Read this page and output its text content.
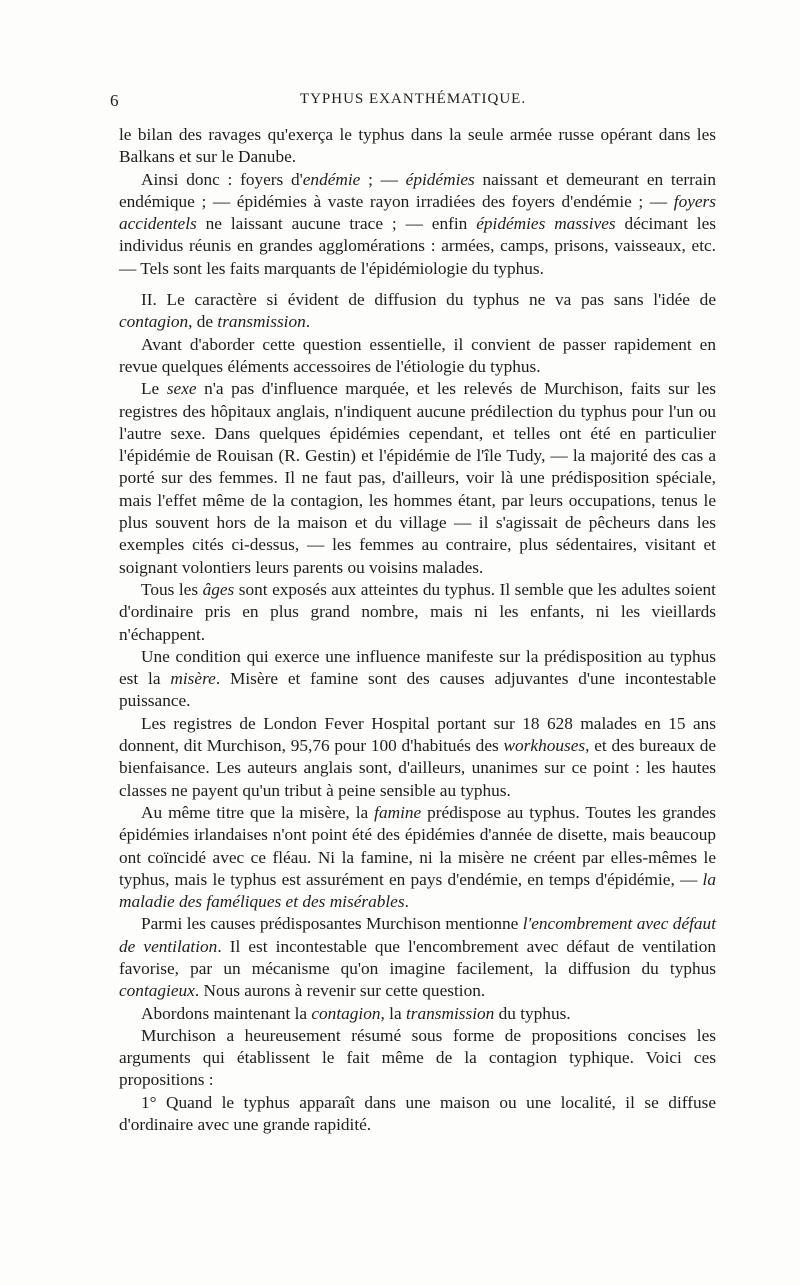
6	TYPHUS EXANTHÉMATIQUE.

le bilan des ravages qu'exerça le typhus dans la seule armée russe opérant dans les Balkans et sur le Danube.

Ainsi donc : foyers d'endémie ; — épidémies naissant et demeurant en terrain endémique ; — épidémies à vaste rayon irradiées des foyers d'endémie ; — foyers accidentels ne laissant aucune trace ; — enfin épidémies massives décimant les individus réunis en grandes agglomérations : armées, camps, prisons, vaisseaux, etc. — Tels sont les faits marquants de l'épidémiologie du typhus.

II. Le caractère si évident de diffusion du typhus ne va pas sans l'idée de contagion, de transmission.

Avant d'aborder cette question essentielle, il convient de passer rapidement en revue quelques éléments accessoires de l'étiologie du typhus.

Le sexe n'a pas d'influence marquée, et les relevés de Murchison, faits sur les registres des hôpitaux anglais, n'indiquent aucune prédilection du typhus pour l'un ou l'autre sexe. Dans quelques épidémies cependant, et telles ont été en particulier l'épidémie de Rouisan (R. Gestin) et l'épidémie de l'île Tudy, — la majorité des cas a porté sur des femmes. Il ne faut pas, d'ailleurs, voir là une prédisposition spéciale, mais l'effet même de la contagion, les hommes étant, par leurs occupations, tenus le plus souvent hors de la maison et du village — il s'agissait de pêcheurs dans les exemples cités ci-dessus, — les femmes au contraire, plus sédentaires, visitant et soignant volontiers leurs parents ou voisins malades.

Tous les âges sont exposés aux atteintes du typhus. Il semble que les adultes soient d'ordinaire pris en plus grand nombre, mais ni les enfants, ni les vieillards n'échappent.

Une condition qui exerce une influence manifeste sur la prédisposition au typhus est la misère. Misère et famine sont des causes adjuvantes d'une incontestable puissance.

Les registres de London Fever Hospital portant sur 18 628 malades en 15 ans donnent, dit Murchison, 95,76 pour 100 d'habitués des workhouses, et des bureaux de bienfaisance. Les auteurs anglais sont, d'ailleurs, unanimes sur ce point : les hautes classes ne payent qu'un tribut à peine sensible au typhus.

Au même titre que la misère, la famine prédispose au typhus. Toutes les grandes épidémies irlandaises n'ont point été des épidémies d'année de disette, mais beaucoup ont coïncidé avec ce fléau. Ni la famine, ni la misère ne créent par elles-mêmes le typhus, mais le typhus est assurément en pays d'endémie, en temps d'épidémie, — la maladie des faméliques et des misérables.

Parmi les causes prédisposantes Murchison mentionne l'encombrement avec défaut de ventilation. Il est incontestable que l'encombrement avec défaut de ventilation favorise, par un mécanisme qu'on imagine facilement, la diffusion du typhus contagieux. Nous aurons à revenir sur cette question.

Abordons maintenant la contagion, la transmission du typhus.

Murchison a heureusement résumé sous forme de propositions concises les arguments qui établissent le fait même de la contagion typhique. Voici ces propositions :

1° Quand le typhus apparaît dans une maison ou une localité, il se diffuse d'ordinaire avec une grande rapidité.
